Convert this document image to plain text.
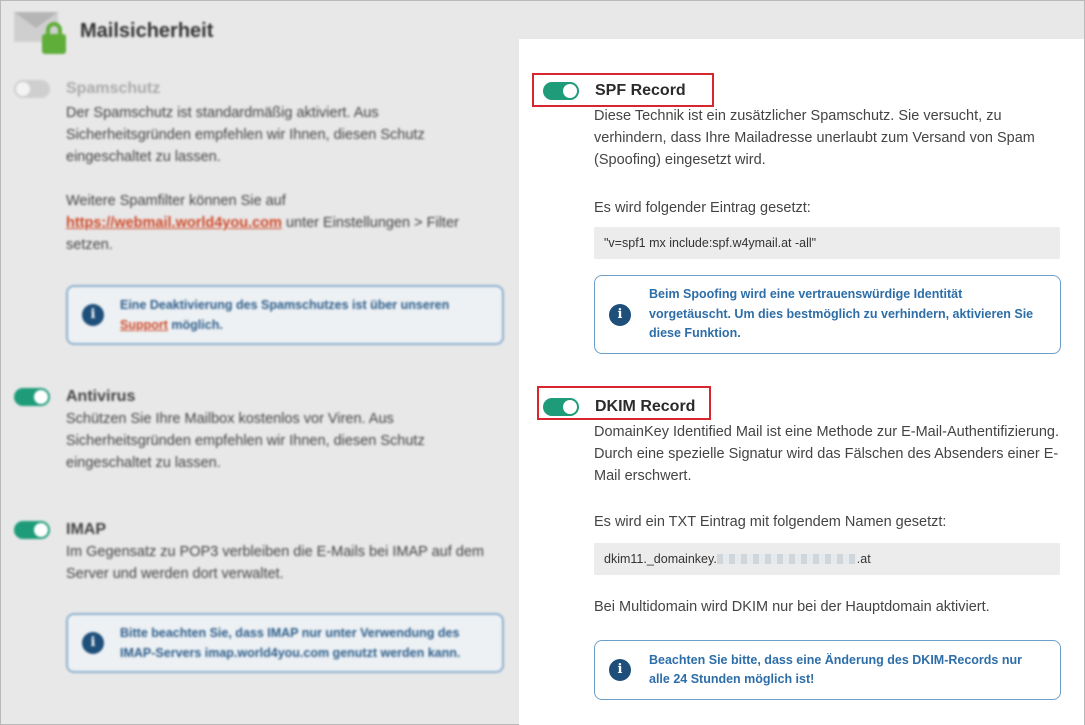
Mailsicherheit
Spamschutz
Der Spamschutz ist standardmäßig aktiviert. Aus Sicherheitsgründen empfehlen wir Ihnen, diesen Schutz eingeschaltet zu lassen.
Weitere Spamfilter können Sie auf https://webmail.world4you.com unter Einstellungen > Filter setzen.
i
Eine Deaktivierung des Spamschutzes ist über unseren Support möglich.
Antivirus
Schützen Sie Ihre Mailbox kostenlos vor Viren. Aus Sicherheitsgründen empfehlen wir Ihnen, diesen Schutz eingeschaltet zu lassen.
IMAP
Im Gegensatz zu POP3 verbleiben die E-Mails bei IMAP auf dem Server und werden dort verwaltet.
i
Bitte beachten Sie, dass IMAP nur unter Verwendung des IMAP-Servers imap.world4you.com genutzt werden kann.
SPF Record
Diese Technik ist ein zusätzlicher Spamschutz. Sie versucht, zu verhindern, dass Ihre Mailadresse unerlaubt zum Versand von Spam (Spoofing) eingesetzt wird.
Es wird folgender Eintrag gesetzt:
"v=spf1 mx include:spf.w4ymail.at -all"
i
Beim Spoofing wird eine vertrauenswürdige Identität vorgetäuscht. Um dies bestmöglich zu verhindern, aktivieren Sie diese Funktion.
DKIM Record
DomainKey Identified Mail ist eine Methode zur E-Mail-Authentifizierung. Durch eine spezielle Signatur wird das Fälschen des Absenders einer E-Mail erschwert.
Es wird ein TXT Eintrag mit folgendem Namen gesetzt:
dkim11._domainkey.	.at
Bei Multidomain wird DKIM nur bei der Hauptdomain aktiviert.
i
Beachten Sie bitte, dass eine Änderung des DKIM-Records nur alle 24 Stunden möglich ist!
